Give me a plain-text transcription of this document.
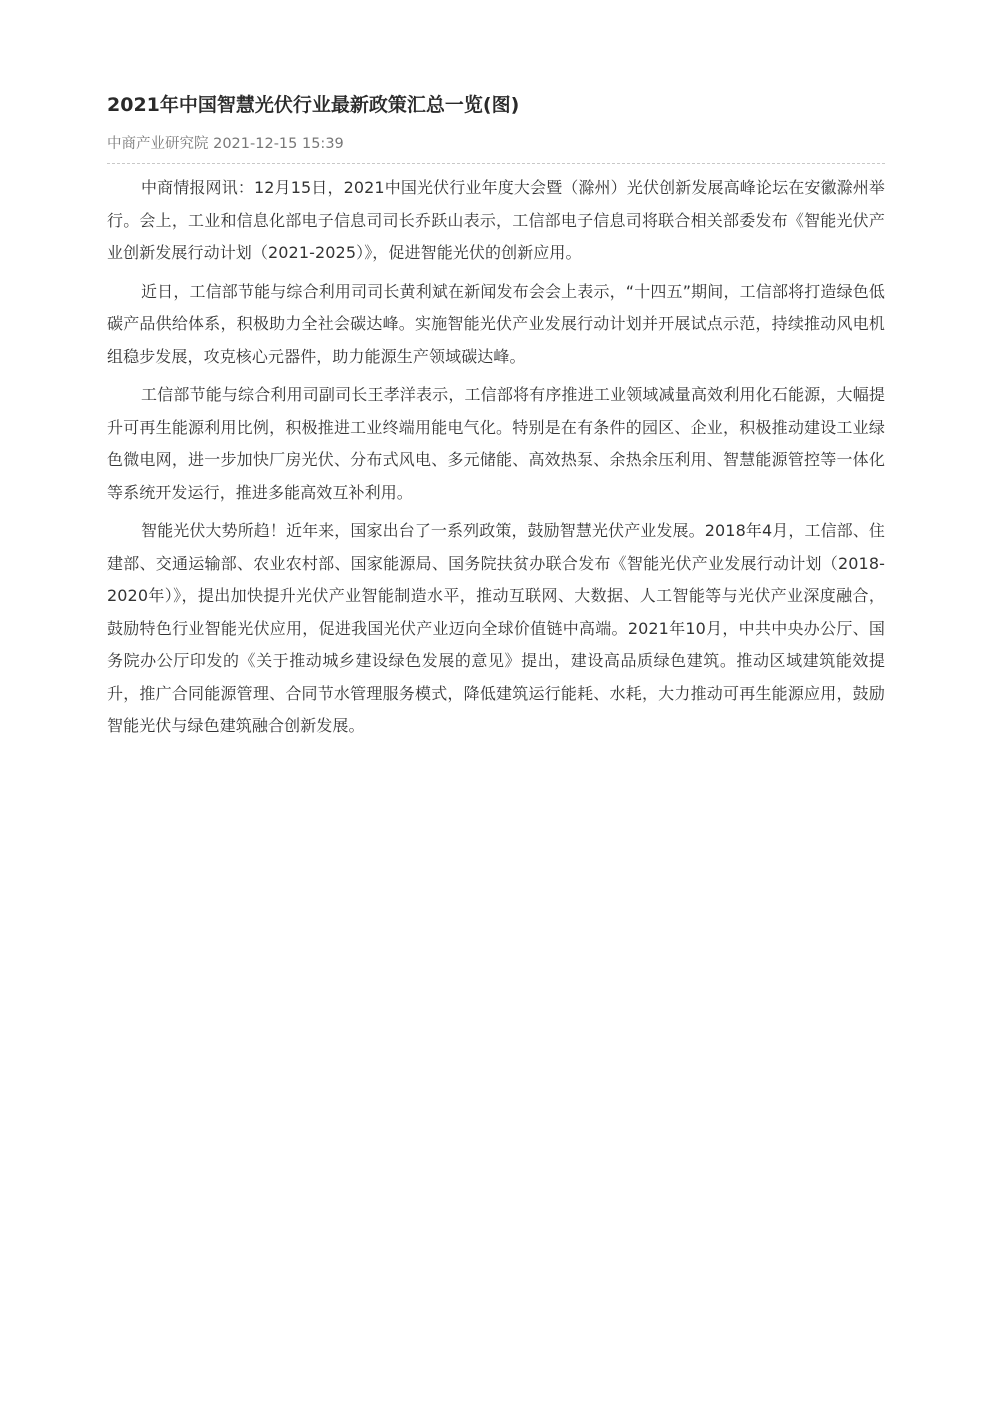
2021年中国智慧光伏行业最新政策汇总一览(图)
中商产业研究院 2021-12-15 15:39

中商情报网讯：12月15日，2021中国光伏行业年度大会暨（滁州）光伏创新发展高峰论坛在安徽滁州举行。会上，工业和信息化部电子信息司司长乔跃山表示，工信部电子信息司将联合相关部委发布《智能光伏产业创新发展行动计划（2021-2025）》，促进智能光伏的创新应用。

近日，工信部节能与综合利用司司长黄利斌在新闻发布会会上表示，“十四五”期间，工信部将打造绿色低碳产品供给体系，积极助力全社会碳达峰。实施智能光伏产业发展行动计划并开展试点示范，持续推动风电机组稳步发展，攻克核心元器件，助力能源生产领域碳达峰。

工信部节能与综合利用司副司长王孝洋表示，工信部将有序推进工业领域减量高效利用化石能源，大幅提升可再生能源利用比例，积极推进工业终端用能电气化。特别是在有条件的园区、企业，积极推动建设工业绿色微电网，进一步加快厂房光伏、分布式风电、多元储能、高效热泵、余热余压利用、智慧能源管控等一体化等系统开发运行，推进多能高效互补利用。

智能光伏大势所趋！近年来，国家出台了一系列政策，鼓励智慧光伏产业发展。2018年4月，工信部、住建部、交通运输部、农业农村部、国家能源局、国务院扶贫办联合发布《智能光伏产业发展行动计划（2018-2020年）》，提出加快提升光伏产业智能制造水平，推动互联网、大数据、人工智能等与光伏产业深度融合，鼓励特色行业智能光伏应用，促进我国光伏产业迈向全球价值链中高端。2021年10月，中共中央办公厅、国务院办公厅印发的《关于推动城乡建设绿色发展的意见》提出，建设高品质绿色建筑。推动区域建筑能效提升，推广合同能源管理、合同节水管理服务模式，降低建筑运行能耗、水耗，大力推动可再生能源应用，鼓励智能光伏与绿色建筑融合创新发展。
